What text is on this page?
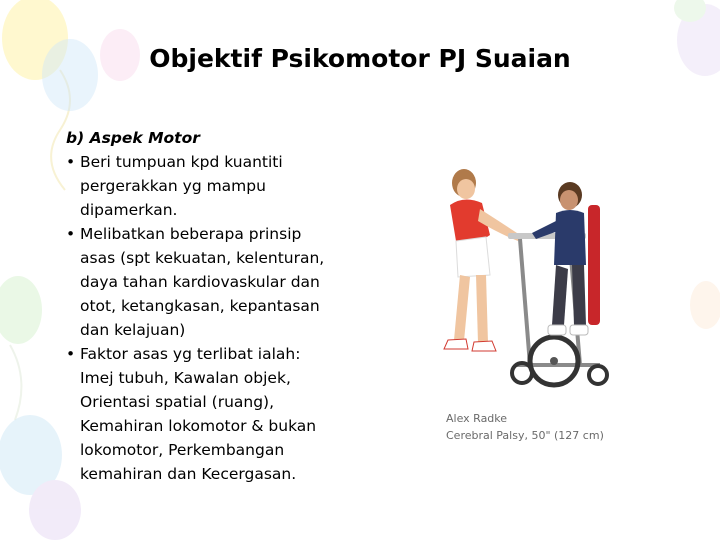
Objektif Psikomotor PJ Suaian
b) Aspek Motor
• Beri tumpuan kpd kuantiti
pergerakkan yg mampu
dipamerkan.
• Melibatkan beberapa prinsip
asas (spt kekuatan, kelenturan,
daya tahan kardiovaskular dan
otot, ketangkasan, kepantasan
dan kelajuan)
• Faktor asas yg terlibat ialah:
Imej tubuh, Kawalan objek,
Orientasi spatial (ruang),
Kemahiran lokomotor & bukan
lokomotor, Perkembangan
kemahiran dan Kecergasan.
Alex Radke
Cerebral Palsy, 50" (127 cm)
